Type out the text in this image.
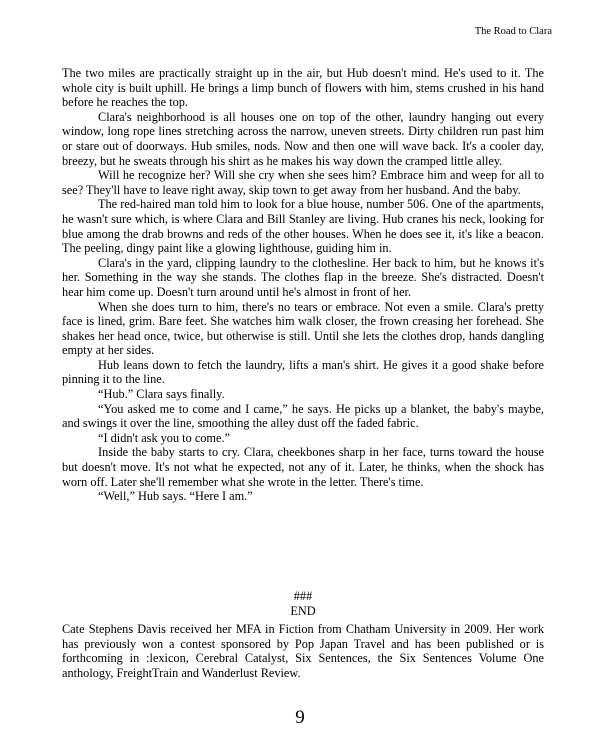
The Road to Clara

The two miles are practically straight up in the air, but Hub doesn't mind. He's used to it. The whole city is built uphill. He brings a limp bunch of flowers with him, stems crushed in his hand before he reaches the top.

Clara's neighborhood is all houses one on top of the other, laundry hanging out every window, long rope lines stretching across the narrow, uneven streets. Dirty children run past him or stare out of doorways. Hub smiles, nods. Now and then one will wave back. It's a cooler day, breezy, but he sweats through his shirt as he makes his way down the cramped little alley.

Will he recognize her? Will she cry when she sees him? Embrace him and weep for all to see? They'll have to leave right away, skip town to get away from her husband. And the baby.

The red-haired man told him to look for a blue house, number 506. One of the apartments, he wasn't sure which, is where Clara and Bill Stanley are living. Hub cranes his neck, looking for blue among the drab browns and reds of the other houses. When he does see it, it's like a beacon. The peeling, dingy paint like a glowing lighthouse, guiding him in.

Clara's in the yard, clipping laundry to the clothesline. Her back to him, but he knows it's her. Something in the way she stands. The clothes flap in the breeze. She's distracted. Doesn't hear him come up. Doesn't turn around until he's almost in front of her.

When she does turn to him, there's no tears or embrace. Not even a smile. Clara's pretty face is lined, grim. Bare feet. She watches him walk closer, the frown creasing her forehead. She shakes her head once, twice, but otherwise is still. Until she lets the clothes drop, hands dangling empty at her sides.

Hub leans down to fetch the laundry, lifts a man's shirt. He gives it a good shake before pinning it to the line.

“Hub.” Clara says finally.

“You asked me to come and I came,” he says. He picks up a blanket, the baby's maybe, and swings it over the line, smoothing the alley dust off the faded fabric.

“I didn't ask you to come.”

Inside the baby starts to cry. Clara, cheekbones sharp in her face, turns toward the house but doesn't move. It's not what he expected, not any of it. Later, he thinks, when the shock has worn off. Later she'll remember what she wrote in the letter. There's time.

“Well,” Hub says. “Here I am.”

###
END
Cate Stephens Davis received her MFA in Fiction from Chatham University in 2009. Her work has previously won a contest sponsored by Pop Japan Travel and has been published or is forthcoming in :lexicon, Cerebral Catalyst, Six Sentences, the Six Sentences Volume One anthology, FreightTrain and Wanderlust Review.
9
